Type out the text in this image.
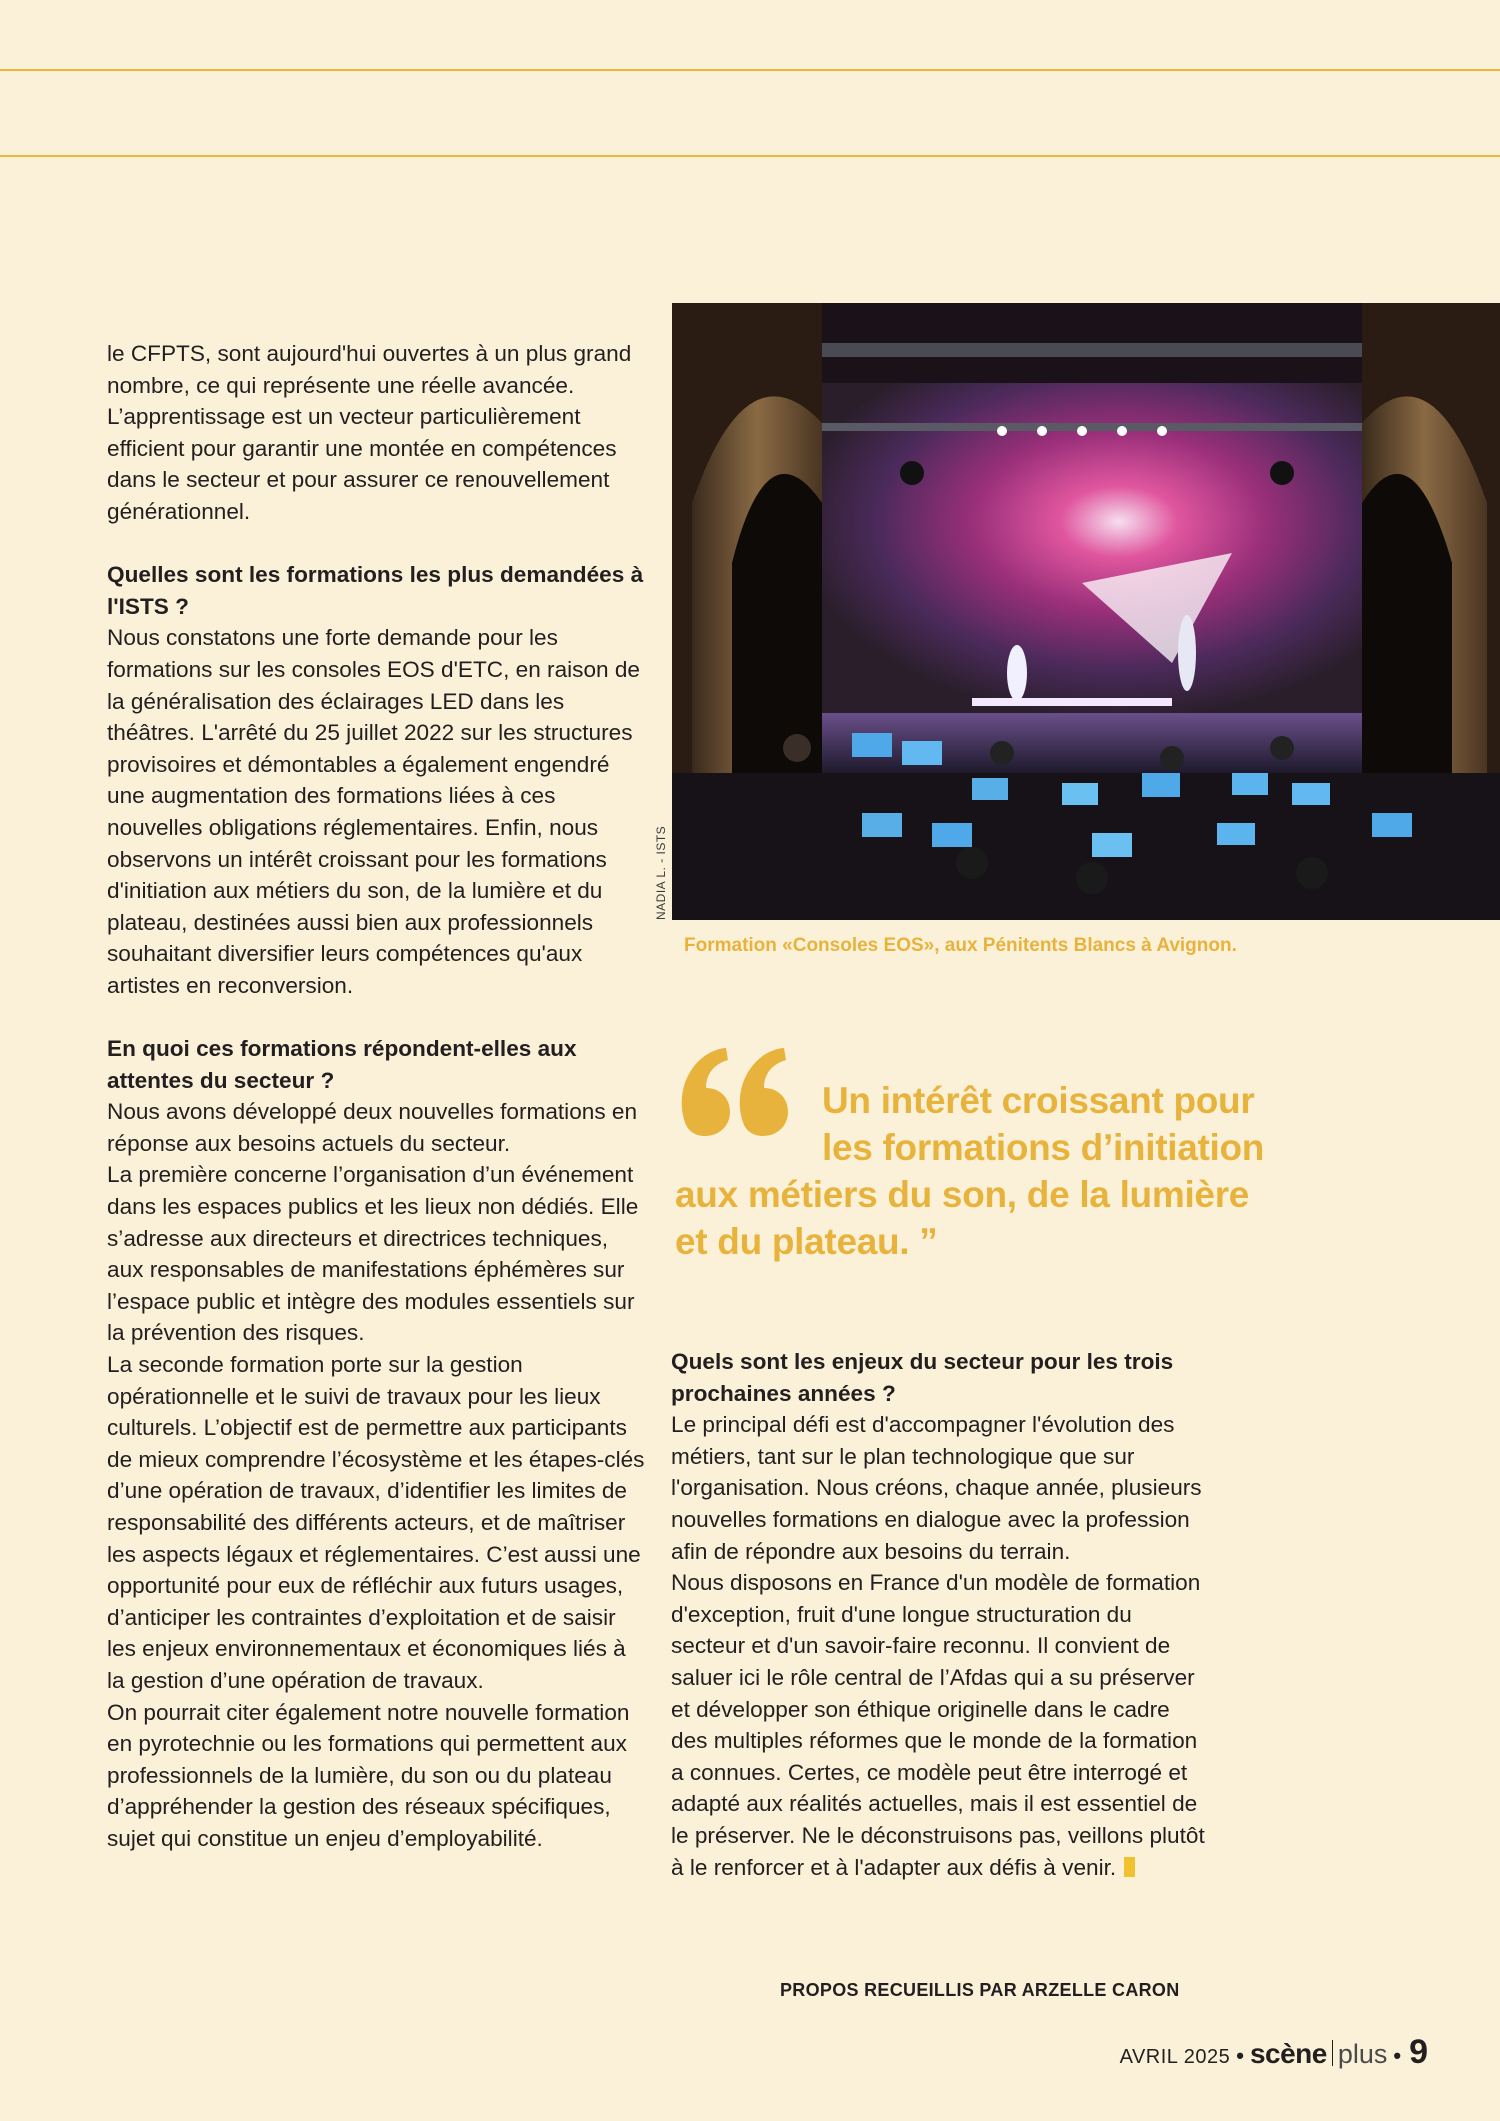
le CFPTS, sont aujourd'hui ouvertes à un plus grand nombre, ce qui représente une réelle avancée. L’apprentissage est un vecteur particulièrement efficient pour garantir une montée en compétences dans le secteur et pour assurer ce renouvellement générationnel.

Quelles sont les formations les plus demandées à l'ISTS ?

Nous constatons une forte demande pour les formations sur les consoles EOS d'ETC, en raison de la généralisation des éclairages LED dans les théâtres. L'arrêté du 25 juillet 2022 sur les structures provisoires et démontables a également engendré une augmentation des formations liées à ces nouvelles obligations réglementaires. Enfin, nous observons un intérêt croissant pour les formations d'initiation aux métiers du son, de la lumière et du plateau, destinées aussi bien aux professionnels souhaitant diversifier leurs compétences qu'aux artistes en reconversion.

En quoi ces formations répondent-elles aux attentes du secteur ?

Nous avons développé deux nouvelles formations en réponse aux besoins actuels du secteur.

La première concerne l’organisation d’un événement dans les espaces publics et les lieux non dédiés. Elle s’adresse aux directeurs et directrices techniques, aux responsables de manifestations éphémères sur l’espace public et intègre des modules essentiels sur la prévention des risques.

La seconde formation porte sur la gestion opérationnelle et le suivi de travaux pour les lieux culturels. L’objectif est de permettre aux participants de mieux comprendre l’écosystème et les étapes-clés d’une opération de travaux, d’identifier les limites de responsabilité des différents acteurs, et de maîtriser les aspects légaux et réglementaires. C’est aussi une opportunité pour eux de réfléchir aux futurs usages, d’anticiper les contraintes d’exploitation et de saisir les enjeux environnementaux et économiques liés à la gestion d’une opération de travaux.

On pourrait citer également notre nouvelle formation en pyrotechnie ou les formations qui permettent aux professionnels de la lumière, du son ou du plateau d’appréhender la gestion des réseaux spécifiques, sujet qui constitue un enjeu d’employabilité.

NADIA L. - ISTS
Formation «Consoles EOS», aux Pénitents Blancs à Avignon.
Un intérêt croissant pour
les formations d’initiation
aux métiers du son, de la lumière
et du plateau. ”

Quels sont les enjeux du secteur pour les trois prochaines années ?

Le principal défi est d'accompagner l'évolution des métiers, tant sur le plan technologique que sur l'organisation. Nous créons, chaque année, plusieurs nouvelles formations en dialogue avec la profession afin de répondre aux besoins du terrain.

Nous disposons en France d'un modèle de formation d'exception, fruit d'une longue structuration du secteur et d'un savoir-faire reconnu. Il convient de saluer ici le rôle central de l’Afdas qui a su préserver et développer son éthique originelle dans le cadre des multiples réformes que le monde de la formation a connues. Certes, ce modèle peut être interrogé et adapté aux réalités actuelles, mais il est essentiel de le préserver. Ne le déconstruisons pas, veillons plutôt à le renforcer et à l'adapter aux défis à venir.

PROPOS RECUEILLIS PAR ARZELLE CARON
AVRIL 2025 • scène plus • 9
